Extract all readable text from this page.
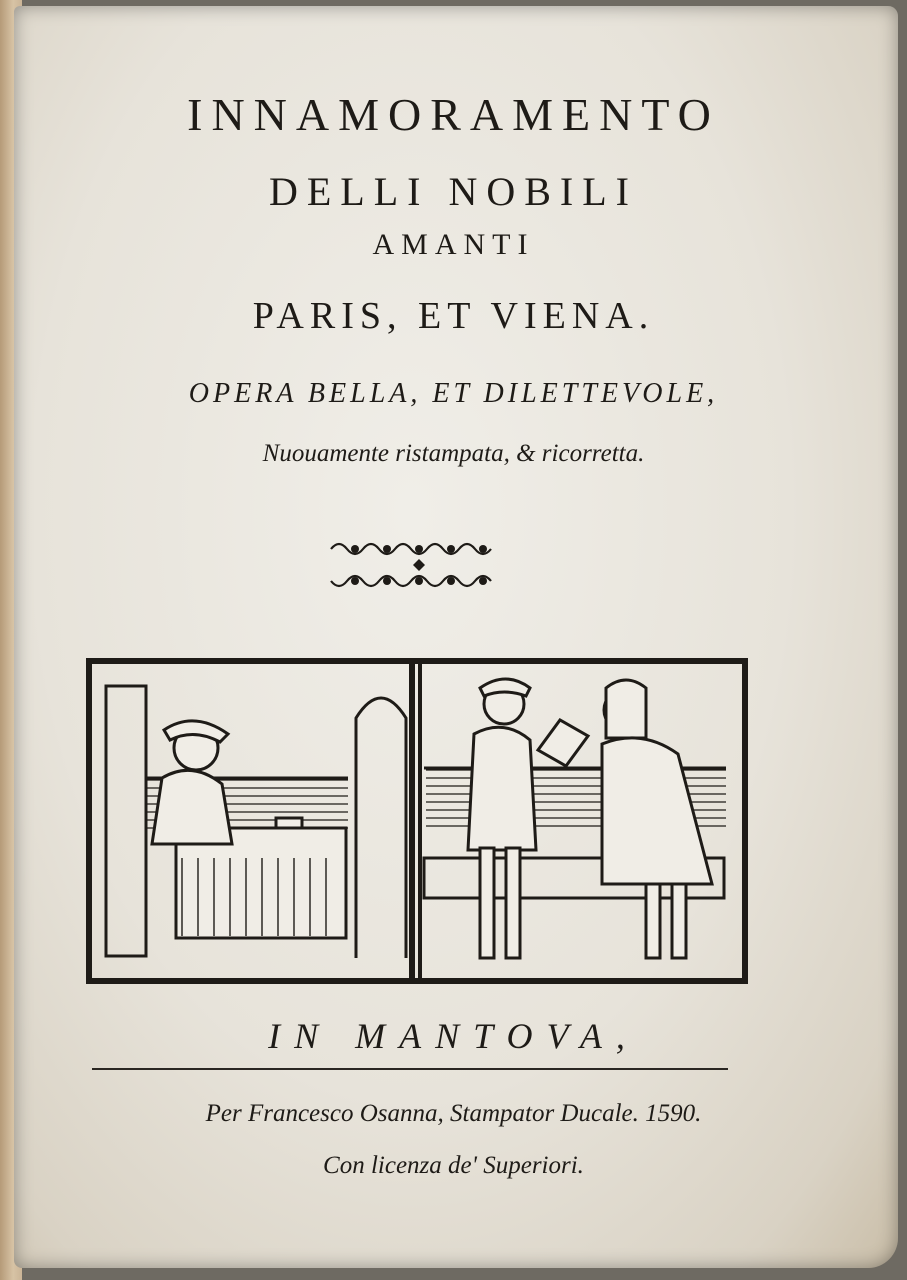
INNAMORAMENTO
DELLI NOBILI
AMANTI
PARIS, ET VIENA.
OPERA BELLA, ET DILETTEVOLE,
Nuouamente ristampata, & ricorretta.
IN MANTOVA,
Per Francesco Osanna, Stampator Ducale. 1590.
Con licenza de' Superiori.
